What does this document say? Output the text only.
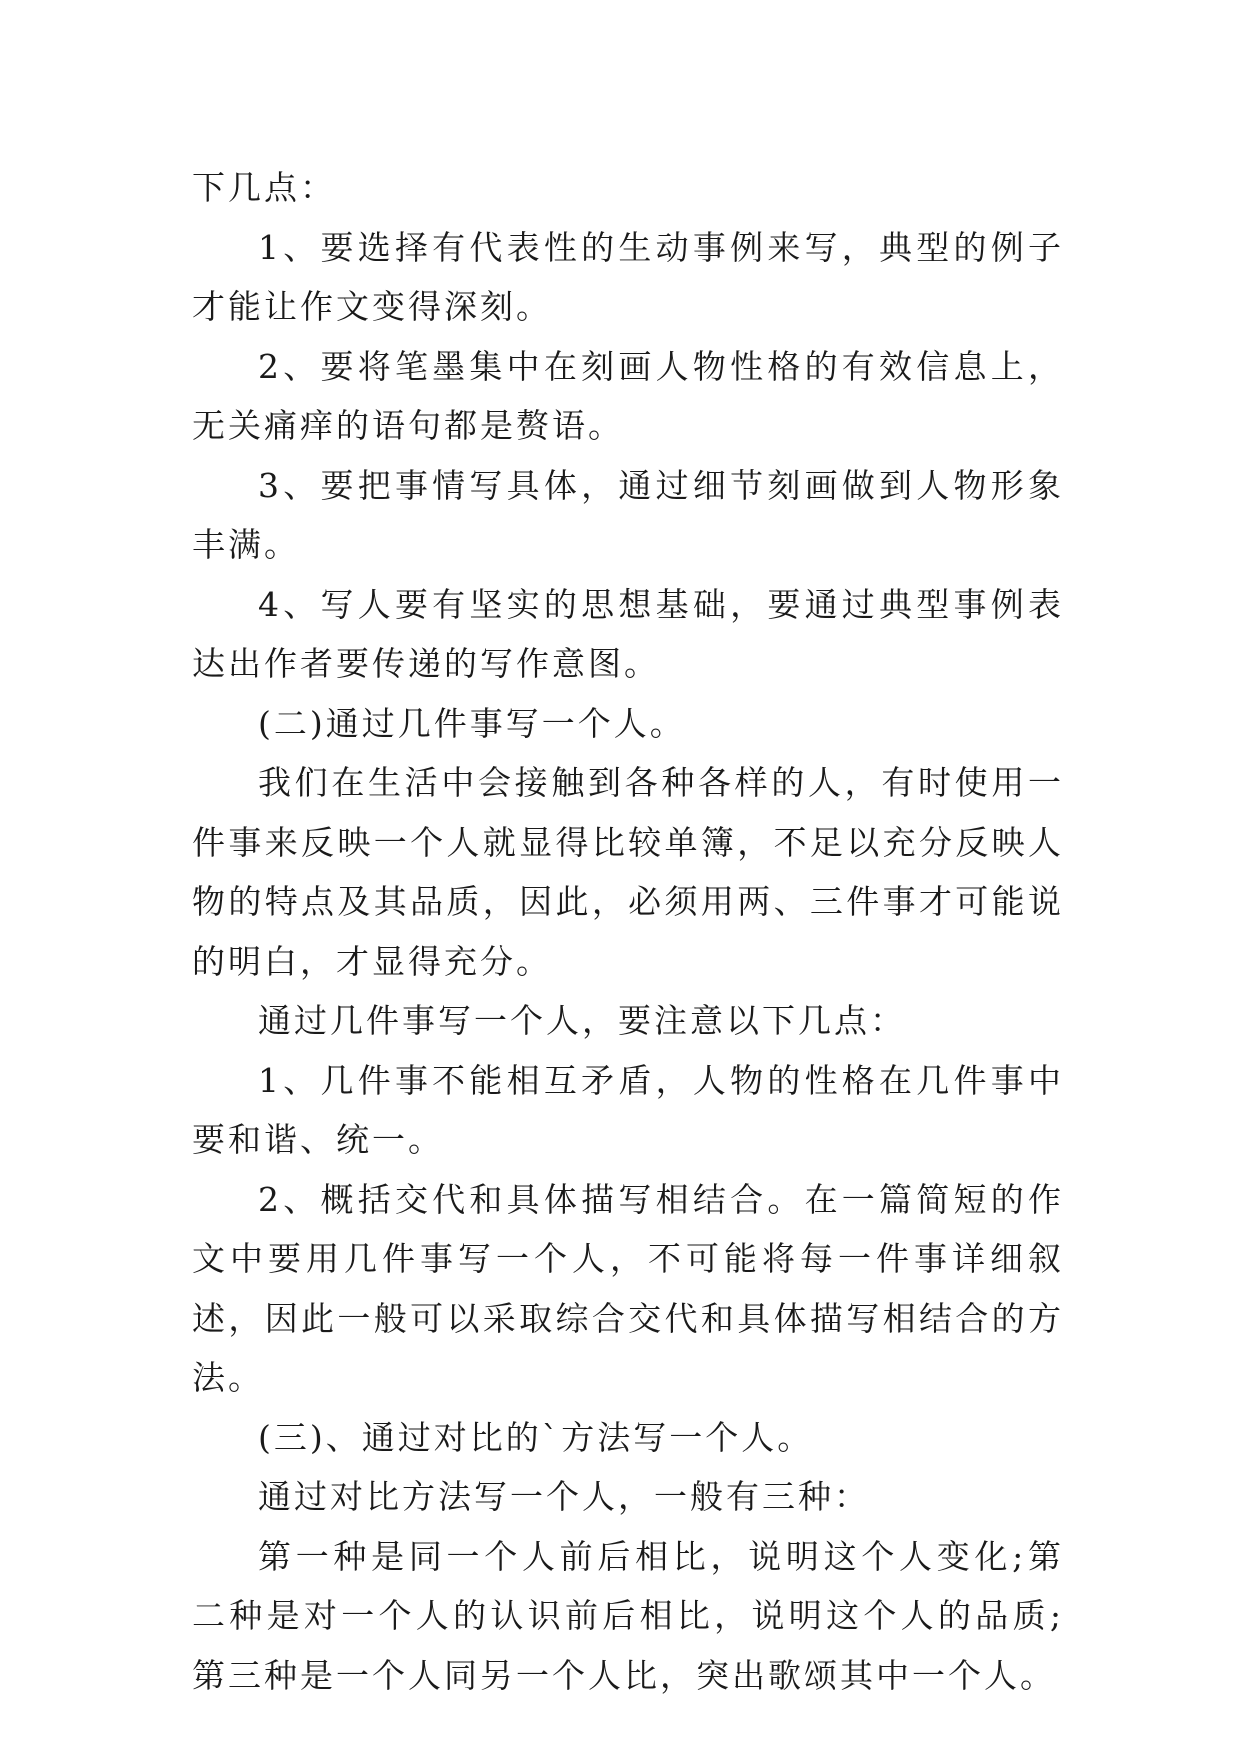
下几点：

1、要选择有代表性的生动事例来写，典型的例子才能让作文变得深刻。

2、要将笔墨集中在刻画人物性格的有效信息上，无关痛痒的语句都是赘语。

3、要把事情写具体，通过细节刻画做到人物形象丰满。

4、写人要有坚实的思想基础，要通过典型事例表达出作者要传递的写作意图。

(二)通过几件事写一个人。

我们在生活中会接触到各种各样的人，有时使用一件事来反映一个人就显得比较单簿，不足以充分反映人物的特点及其品质，因此，必须用两、三件事才可能说的明白，才显得充分。

通过几件事写一个人，要注意以下几点：

1、几件事不能相互矛盾，人物的性格在几件事中要和谐、统一。

2、概括交代和具体描写相结合。在一篇简短的作文中要用几件事写一个人，不可能将每一件事详细叙述，因此一般可以采取综合交代和具体描写相结合的方法。

(三)、通过对比的`方法写一个人。

通过对比方法写一个人，一般有三种：

第一种是同一个人前后相比，说明这个人变化;第二种是对一个人的认识前后相比，说明这个人的品质;第三种是一个人同另一个人比，突出歌颂其中一个人。
